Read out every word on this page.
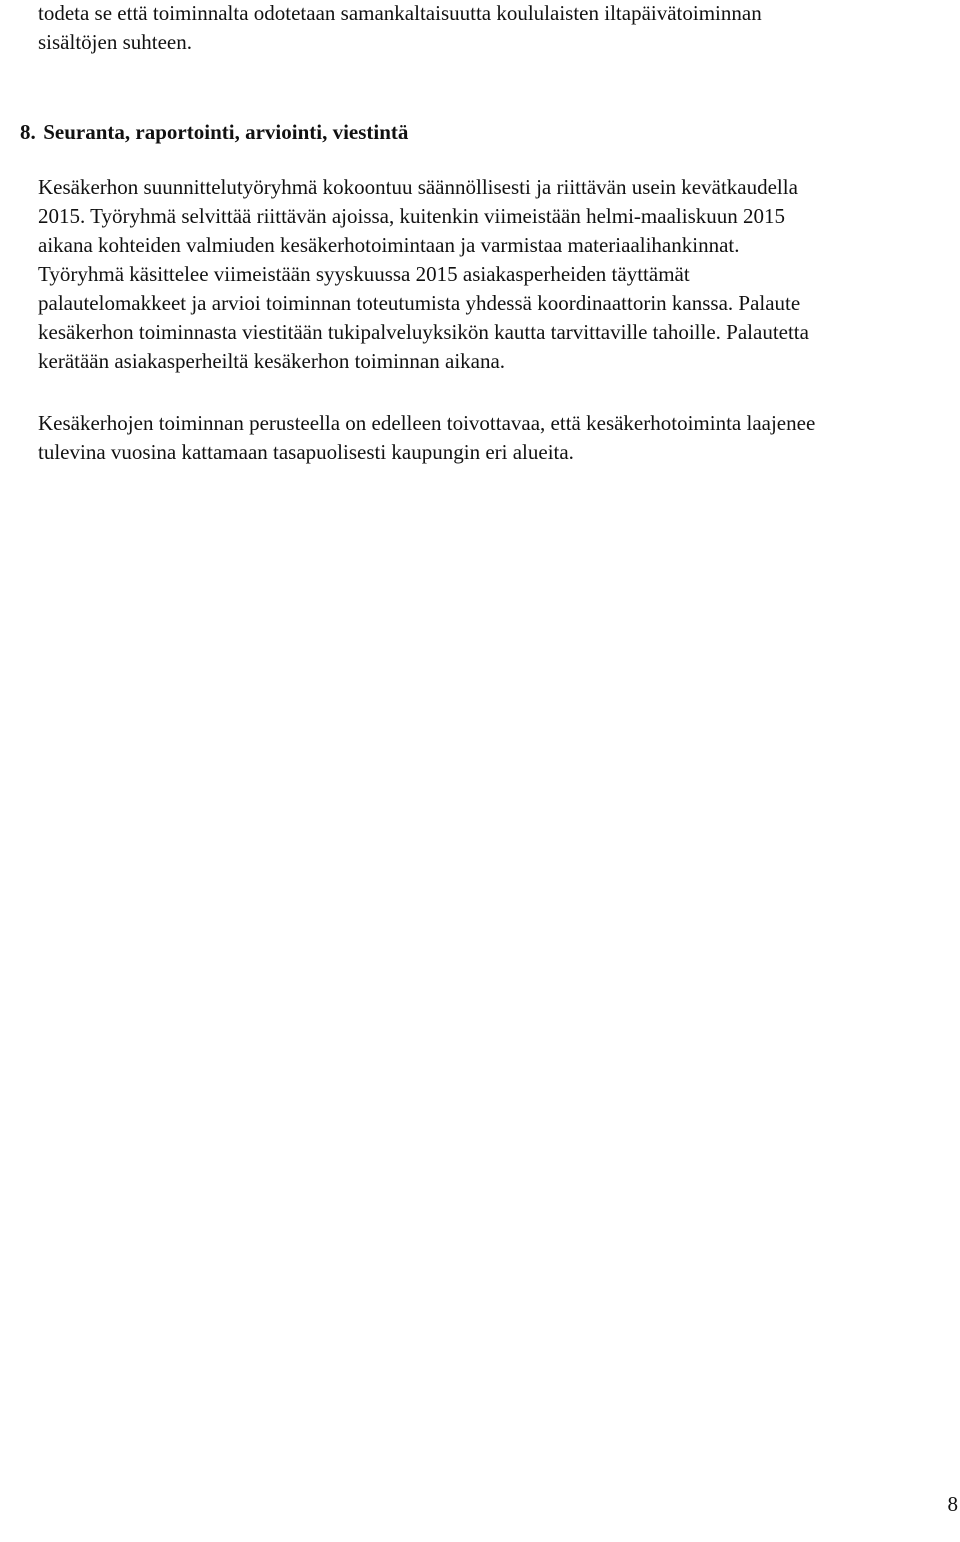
todeta se että toiminnalta odotetaan samankaltaisuutta koululaisten iltapäivätoiminnan
sisältöjen suhteen.

8. Seuranta, raportointi, arviointi, viestintä

Kesäkerhon suunnittelutyöryhmä kokoontuu säännöllisesti ja riittävän usein kevätkaudella
2015. Työryhmä selvittää riittävän ajoissa, kuitenkin viimeistään helmi-maaliskuun 2015
aikana kohteiden valmiuden kesäkerhotoimintaan ja varmistaa materiaalihankinnat.
Työryhmä käsittelee viimeistään syyskuussa 2015 asiakasperheiden täyttämät
palautelomakkeet ja arvioi toiminnan toteutumista yhdessä koordinaattorin kanssa. Palaute
kesäkerhon toiminnasta viestitään tukipalveluyksikön kautta tarvittaville tahoille. Palautetta
kerätään asiakasperheiltä kesäkerhon toiminnan aikana.

Kesäkerhojen toiminnan perusteella on edelleen toivottavaa, että kesäkerhotoiminta laajenee
tulevina vuosina kattamaan tasapuolisesti kaupungin eri alueita.

8
